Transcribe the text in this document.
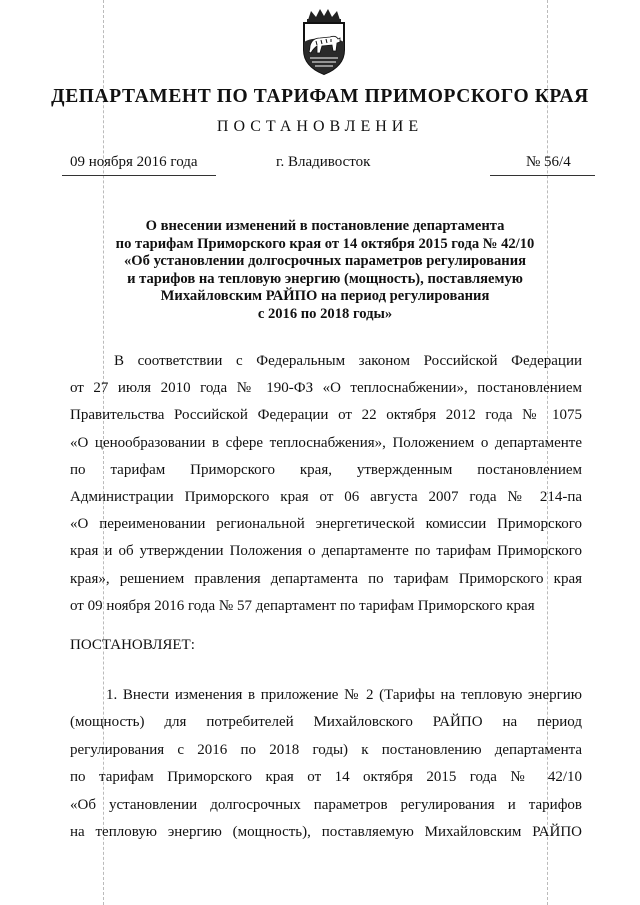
ДЕПАРТАМЕНТ ПО ТАРИФАМ ПРИМОРСКОГО КРАЯ
ПОСТАНОВЛЕНИЕ
09 ноября 2016 года	г. Владивосток	№ 56/4
О внесении изменений в постановление департамента
по тарифам Приморского края от 14 октября 2015 года № 42/10
«Об установлении долгосрочных параметров регулирования
и тарифов на тепловую энергию (мощность), поставляемую
Михайловским РАЙПО на период регулирования
с 2016 по 2018 годы»
В соответствии с Федеральным законом Российской Федерации
от 27 июля 2010 года № 190-ФЗ «О теплоснабжении», постановлением
Правительства Российской Федерации от 22 октября 2012 года № 1075
«О ценообразовании в сфере теплоснабжения», Положением о департаменте
по тарифам Приморского края, утвержденным постановлением
Администрации Приморского края от 06 августа 2007 года № 214-па
«О переименовании региональной энергетической комиссии Приморского
края и об утверждении Положения о департаменте по тарифам Приморского
края», решением правления департамента по тарифам Приморского края
от 09 ноября 2016 года № 57 департамент по тарифам Приморского края
ПОСТАНОВЛЯЕТ:
1. Внести изменения в приложение № 2 (Тарифы на тепловую энергию
(мощность) для потребителей Михайловского РАЙПО на период
регулирования с 2016 по 2018 годы) к постановлению департамента
по тарифам Приморского края от 14 октября 2015 года № 42/10
«Об установлении долгосрочных параметров регулирования и тарифов
на тепловую энергию (мощность), поставляемую Михайловским РАЙПО
